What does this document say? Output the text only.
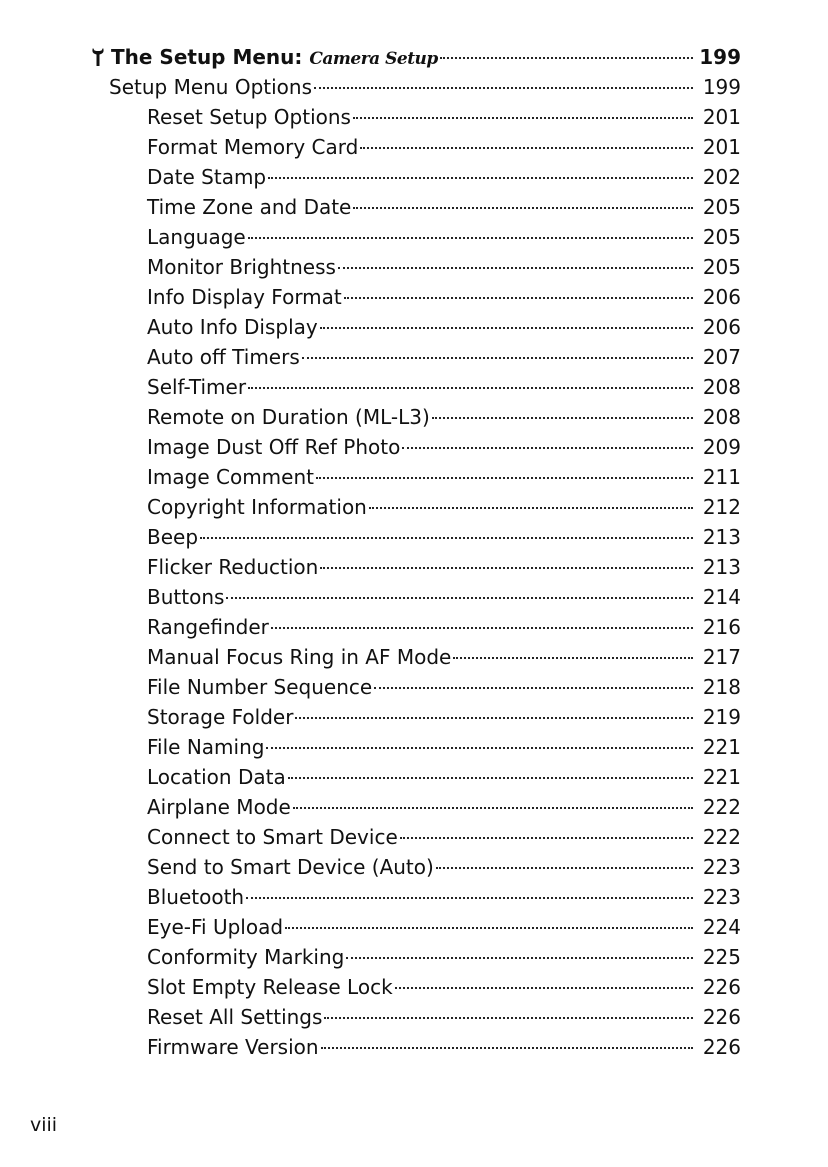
The Setup Menu:
Camera Setup	199
Setup Menu Options	199
Reset Setup Options	201
Format Memory Card	201
Date Stamp	202
Time Zone and Date	205
Language	205
Monitor Brightness	205
Info Display Format	206
Auto Info Display	206
Auto off Timers	207
Self-Timer	208
Remote on Duration (ML-L3)	208
Image Dust Off Ref Photo	209
Image Comment	211
Copyright Information	212
Beep	213
Flicker Reduction	213
Buttons	214
Rangefinder	216
Manual Focus Ring in AF Mode	217
File Number Sequence	218
Storage Folder	219
File Naming	221
Location Data	221
Airplane Mode	222
Connect to Smart Device	222
Send to Smart Device (Auto)	223
Bluetooth	223
Eye-Fi Upload	224
Conformity Marking	225
Slot Empty Release Lock	226
Reset All Settings	226
Firmware Version	226
viii
